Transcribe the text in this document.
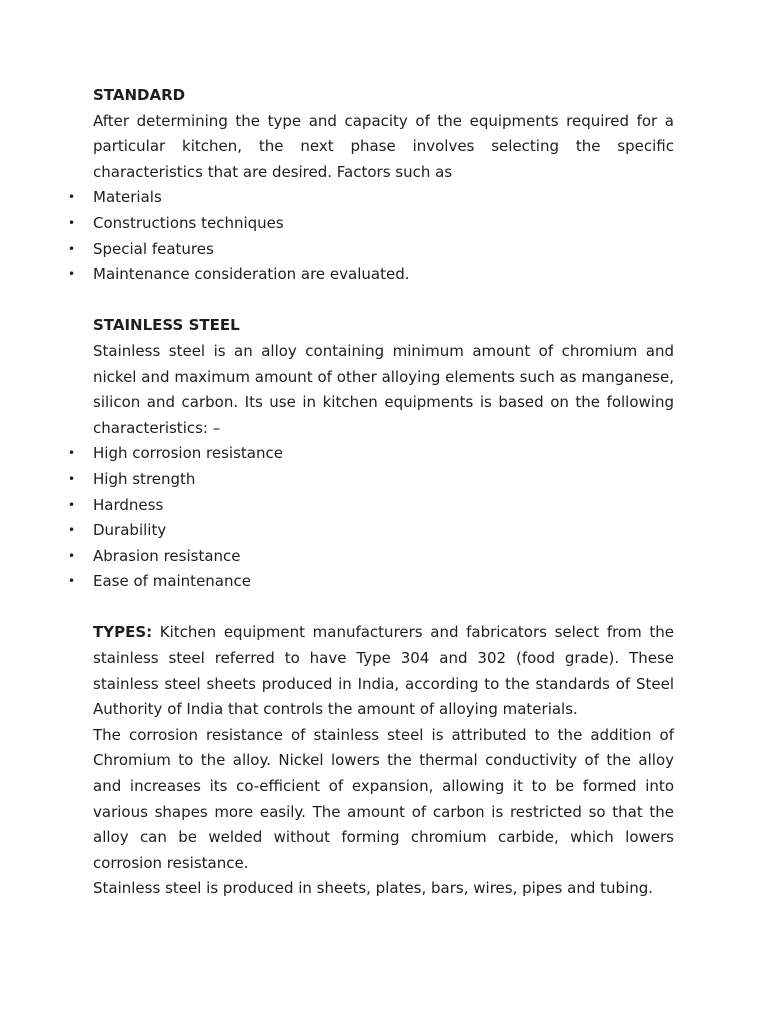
STANDARD

After determining the type and capacity of the equipments required for a particular kitchen, the next phase involves selecting the specific characteristics that are desired. Factors such as

• Materials
• Constructions techniques
• Special features
• Maintenance consideration are evaluated.

STAINLESS STEEL

Stainless steel is an alloy containing minimum amount of chromium and nickel and maximum amount of other alloying elements such as manganese, silicon and carbon. Its use in kitchen equipments is based on the following characteristics: –

• High corrosion resistance
• High strength
• Hardness
• Durability
• Abrasion resistance
• Ease of maintenance

TYPES: Kitchen equipment manufacturers and fabricators select from the stainless steel referred to have Type 304 and 302 (food grade). These stainless steel sheets produced in India, according to the standards of Steel Authority of India that controls the amount of alloying materials.

The corrosion resistance of stainless steel is attributed to the addition of Chromium to the alloy. Nickel lowers the thermal conductivity of the alloy and increases its co-efficient of expansion, allowing it to be formed into various shapes more easily. The amount of carbon is restricted so that the alloy can be welded without forming chromium carbide, which lowers corrosion resistance.

Stainless steel is produced in sheets, plates, bars, wires, pipes and tubing.
